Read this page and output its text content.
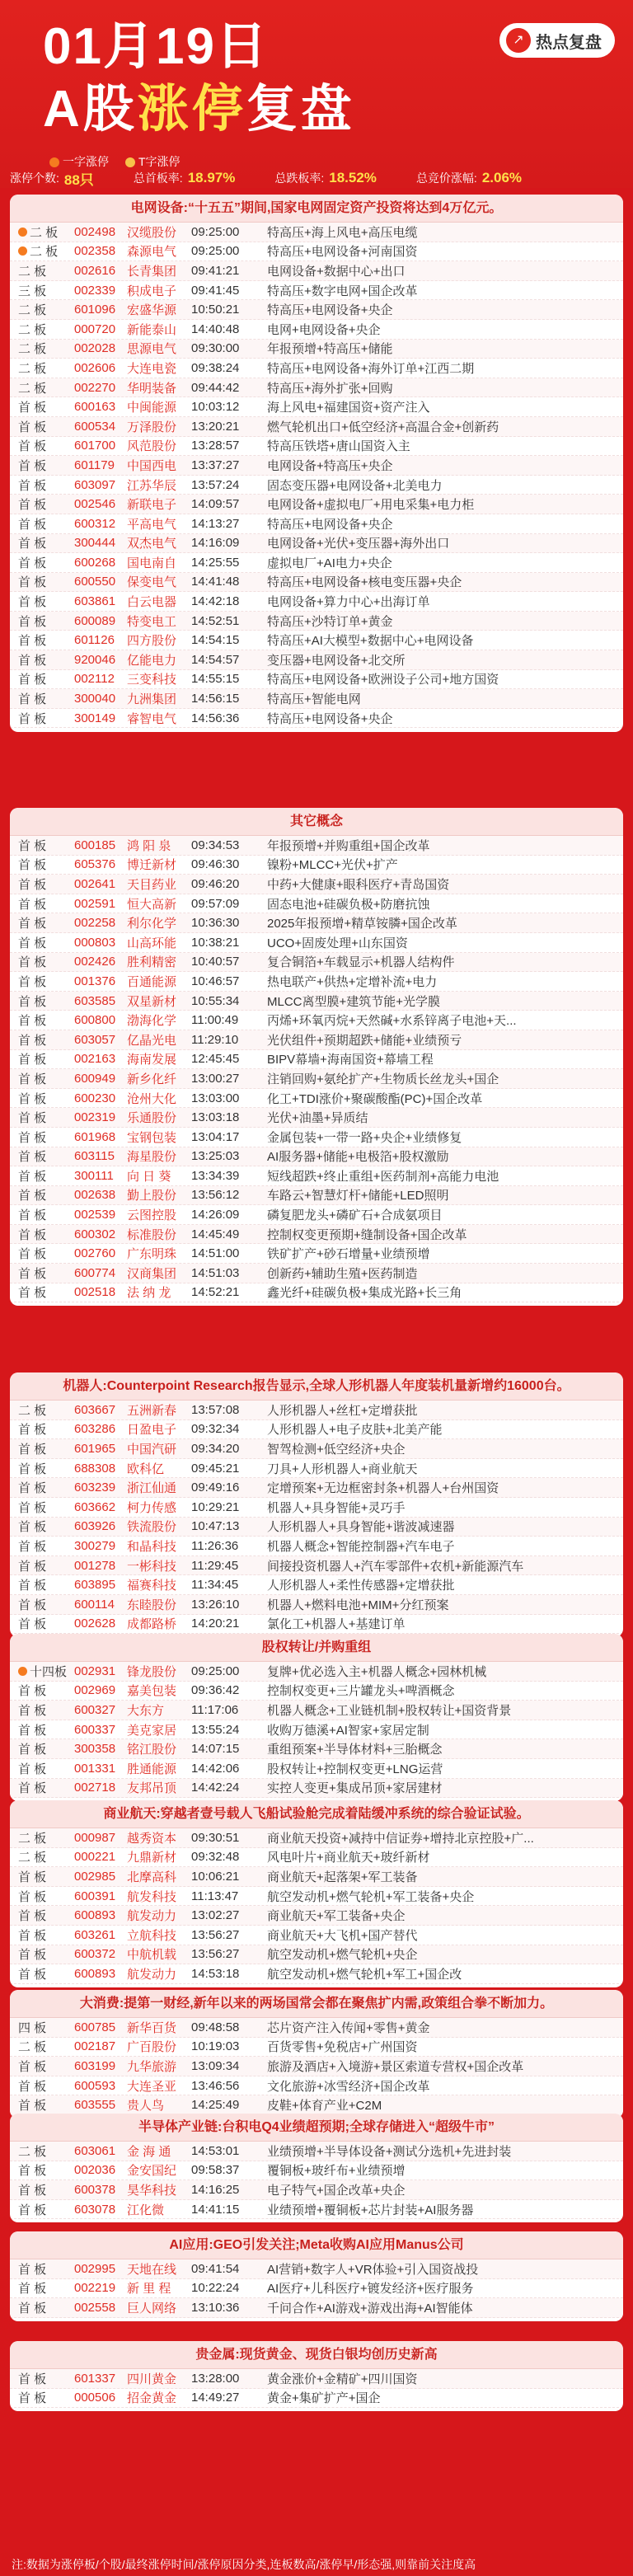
01月19日
A股涨停复盘
↗ 热点复盘
一字涨停	T字涨停
涨停个数: 88只	总首板率: 18.97%	总跌板率: 18.52%	总竞价涨幅: 2.06%
电网设备:“十五五”期间,国家电网固定资产投资将达到4万亿元。
二 板 002498 汉缆股份	09:25:00	特高压+海上风电+高压电缆
二 板 002358 森源电气	09:25:00	特高压+电网设备+河南国资
二 板 002616 长青集团	09:41:21	电网设备+数据中心+出口
三 板 002339 积成电子	09:41:45	特高压+数字电网+国企改革
二 板 601096 宏盛华源	10:50:21	特高压+电网设备+央企
二 板 000720 新能泰山	14:40:48	电网+电网设备+央企
二 板 002028 思源电气	09:30:00	年报预增+特高压+储能
二 板 002606 大连电瓷	09:38:24	特高压+电网设备+海外订单+江西二期
二 板 002270 华明装备	09:44:42	特高压+海外扩张+回购
首 板 600163 中闽能源	10:03:12	海上风电+福建国资+资产注入
首 板 600534 万泽股份	13:20:21	燃气轮机出口+低空经济+高温合金+创新药
首 板 601700 风范股份	13:28:57	特高压铁塔+唐山国资入主
首 板 601179	中国西电	13:37:27	电网设备+特高压+央企
首 板 603097 江苏华辰	13:57:24	固态变压器+电网设备+北美电力
首 板 002546 新联电子	14:09:57	电网设备+虚拟电厂+用电采集+电力柜
首 板 600312 平高电气	14:13:27	特高压+电网设备+央企
首 板 300444 双杰电气	14:16:09	电网设备+光伏+变压器+海外出口
首 板 600268 国电南自	14:25:55	虚拟电厂+AI电力+央企
首 板 600550 保变电气	14:41:48	特高压+电网设备+核电变压器+央企
首 板 603861 白云电器	14:42:18	电网设备+算力中心+出海订单
首 板 600089 特变电工	14:52:51	特高压+沙特订单+黄金
首 板 601126	四方股份	14:54:15	特高压+AI大模型+数据中心+电网设备
首 板 920046 亿能电力	14:54:57	变压器+电网设备+北交所
首 板 002112	三变科技	14:55:15	特高压+电网设备+欧洲设子公司+地方国资
首 板 300040 九洲集团	14:56:15	特高压+智能电网
首 板 300149 睿智电气	14:56:36	特高压+电网设备+央企
其它概念
首 板 600185 鸿 阳 泉	09:34:53	年报预增+并购重组+国企改革
首 板 605376 博迁新材	09:46:30	镍粉+MLCC+光伏+扩产
首 板 002641 天目药业	09:46:20	中药+大健康+眼科医疗+青岛国资
首 板 002591 恒大高新	09:57:09	固态电池+硅碳负极+防磨抗蚀
首 板 002258 利尔化学	10:36:30	2025年报预增+精草铵膦+国企改革
首 板 000803 山高环能	10:38:21	UCO+固废处理+山东国资
首 板 002426 胜利精密	10:40:57	复合铜箔+车载显示+机器人结构件
首 板 001376 百通能源	10:46:57	热电联产+供热+定增补流+电力
首 板 603585 双星新材	10:55:34	MLCC离型膜+建筑节能+光学膜
首 板 600800 渤海化学	11:00:49	丙烯+环氧丙烷+天然碱+水系锌离子电池+天...
首 板 603057 亿晶光电	11:29:10	光伏组件+预期超跌+储能+业绩预亏
首 板 002163 海南发展	12:45:45	BIPV幕墙+海南国资+幕墙工程
首 板 600949 新乡化纤	13:00:27	注销回购+氨纶扩产+生物质长丝龙头+国企
首 板 600230 沧州大化	13:03:00	化工+TDI涨价+聚碳酸酯(PC)+国企改革
首 板 002319 乐通股份	13:03:18	光伏+油墨+异质结
首 板 601968 宝钢包装	13:04:17	金属包装+一带一路+央企+业绩修复
首 板 603115	海星股份	13:25:03	AI服务器+储能+电极箔+股权激励
首 板 300111	向 日 葵	13:34:39	短线超跌+终止重组+医药制剂+高能力电池
首 板 002638 勤上股份	13:56:12	车路云+智慧灯杆+储能+LED照明
首 板 002539 云图控股	14:26:09	磷复肥龙头+磷矿石+合成氨项目
首 板 600302 标准股份	14:45:49	控制权变更预期+缝制设备+国企改革
首 板 002760 广东明珠	14:51:00	铁矿扩产+砂石增量+业绩预增
首 板 600774 汉商集团	14:51:03	创新药+辅助生殖+医药制造
首 板 002518 法 纳 龙	14:52:21	鑫光纤+硅碳负极+集成光路+长三角
机器人:Counterpoint Research报告显示,全球人形机器人年度装机量新增约16000台。
二 板 603667 五洲新春	13:57:08	人形机器人+丝杠+定增获批
首 板 603286 日盈电子	09:32:34	人形机器人+电子皮肤+北美产能
首 板 601965 中国汽研	09:34:20	智驾检测+低空经济+央企
首 板 688308 欧科亿	09:45:21	刀具+人形机器人+商业航天
首 板 603239 浙江仙通	09:49:16	定增预案+无边框密封条+机器人+台州国资
首 板 603662 柯力传感	10:29:21	机器人+具身智能+灵巧手
首 板 603926 铁流股份	10:47:13	人形机器人+具身智能+谐波减速器
首 板 300279 和晶科技	11:26:36	机器人概念+智能控制器+汽车电子
首 板 001278 一彬科技	11:29:45	间接投资机器人+汽车零部件+农机+新能源汽车
首 板 603895 福赛科技	11:34:45	人形机器人+柔性传感器+定增获批
首 板 600114	东睦股份	13:26:10	机器人+燃料电池+MIM+分红预案
首 板 002628 成都路桥	14:20:21	氯化工+机器人+基建订单
股权转让/并购重组
十四板 002931 锋龙股份	09:25:00	复牌+优必选入主+机器人概念+园林机械
首 板 002969 嘉美包装	09:36:42	控制权变更+三片罐龙头+啤酒概念
首 板 600327 大东方	11:17:06	机器人概念+工业链机制+股权转让+国资背景
首 板 600337 美克家居	13:55:24	收购万德溪+AI智家+家居定制
首 板 300358 铭江股份	14:07:15	重组预案+半导体材料+三胎概念
首 板 001331 胜通能源	14:42:06	股权转让+控制权变更+LNG运营
首 板 002718 友邦吊顶	14:42:24	实控人变更+集成吊顶+家居建材
商业航天:穿越者壹号载人飞船试验舱完成着陆缓冲系统的综合验证试验。
二 板 000987 越秀资本	09:30:51	商业航天投资+减持中信证券+增持北京控股+广...
二 板 000221 九鼎新材	09:32:48	风电叶片+商业航天+玻纤新材
首 板 002985 北摩高科	10:06:21	商业航天+起落架+军工装备
首 板 600391 航发科技	11:13:47	航空发动机+燃气轮机+军工装备+央企
首 板 600893 航发动力	13:02:27	商业航天+军工装备+央企
首 板 603261 立航科技	13:56:27	商业航天+大飞机+国产替代
首 板 600372 中航机载	13:56:27	航空发动机+燃气轮机+央企
首 板 600893 航发动力	14:53:18	航空发动机+燃气轮机+军工+国企改
大消费:提第一财经,新年以来的两场国常会都在聚焦扩内需,政策组合拳不断加力。
四 板 600785 新华百货	09:48:58	芯片资产注入传闻+零售+黄金
二 板 002187 广百股份	10:19:03	百货零售+免税店+广州国资
首 板 603199 九华旅游	13:09:34	旅游及酒店+入境游+景区索道专营权+国企改革
首 板 600593 大连圣亚	13:46:56	文化旅游+冰雪经济+国企改革
首 板 603555 贵人鸟	14:25:49	皮鞋+体育产业+C2M
半导体产业链:台积电Q4业绩超预期;全球存储进入“超级牛市”
二 板 603061 金 海 通	14:53:01	业绩预增+半导体设备+测试分选机+先进封装
首 板 002036 金安国纪	09:58:37	覆铜板+玻纤布+业绩预增
首 板 600378 昊华科技	14:16:25	电子特气+国企改革+央企
首 板 603078 江化微	14:41:15	业绩预增+覆铜板+芯片封装+AI服务器
AI应用:GEO引发关注;Meta收购AI应用Manus公司
首 板 002995 天地在线	09:41:54	AI营销+数字人+VR体验+引入国资战投
首 板 002219 新 里 程	10:22:24	AI医疗+儿科医疗+镀发经济+医疗服务
首 板 002558 巨人网络	13:10:36	千问合作+AI游戏+游戏出海+AI智能体
贵金属:现货黄金、现货白银均创历史新高
首 板 601337 四川黄金	13:28:00	黄金涨价+金精矿+四川国资
首 板 000506 招金黄金	14:49:27	黄金+集矿扩产+国企
注:数据为涨停板/个股/最终涨停时间/涨停原因分类,连板数高/涨停早/形态强,则靠前关注度高
